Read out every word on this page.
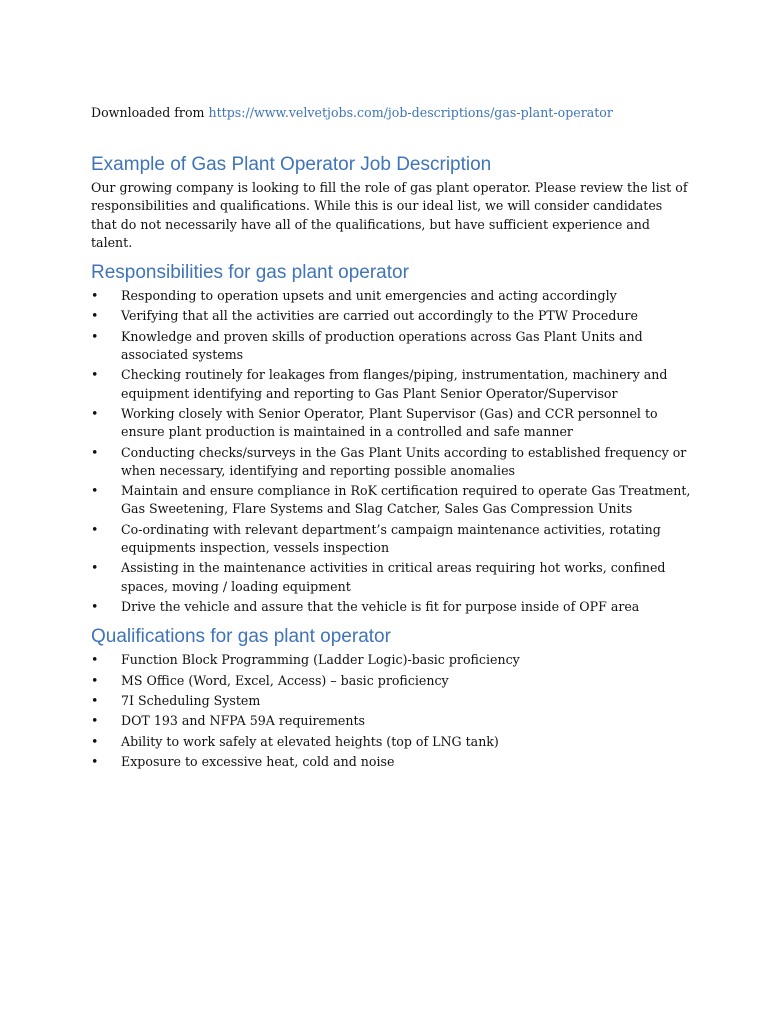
Downloaded from https://www.velvetjobs.com/job-descriptions/gas-plant-operator

Example of Gas Plant Operator Job Description

Our growing company is looking to fill the role of gas plant operator. Please review the list of responsibilities and qualifications. While this is our ideal list, we will consider candidates that do not necessarily have all of the qualifications, but have sufficient experience and talent.

Responsibilities for gas plant operator
• Responding to operation upsets and unit emergencies and acting accordingly
• Verifying that all the activities are carried out accordingly to the PTW Procedure
• Knowledge and proven skills of production operations across Gas Plant Units and associated systems
• Checking routinely for leakages from flanges/piping, instrumentation, machinery and equipment identifying and reporting to Gas Plant Senior Operator/Supervisor
• Working closely with Senior Operator, Plant Supervisor (Gas) and CCR personnel to ensure plant production is maintained in a controlled and safe manner
• Conducting checks/surveys in the Gas Plant Units according to established frequency or when necessary, identifying and reporting possible anomalies
• Maintain and ensure compliance in RoK certification required to operate Gas Treatment, Gas Sweetening, Flare Systems and Slag Catcher, Sales Gas Compression Units
• Co-ordinating with relevant department’s campaign maintenance activities, rotating equipments inspection, vessels inspection
• Assisting in the maintenance activities in critical areas requiring hot works, confined spaces, moving / loading equipment
• Drive the vehicle and assure that the vehicle is fit for purpose inside of OPF area
Qualifications for gas plant operator
• Function Block Programming (Ladder Logic)-basic proficiency
• MS Office (Word, Excel, Access) – basic proficiency
• 7I Scheduling System
• DOT 193 and NFPA 59A requirements
• Ability to work safely at elevated heights (top of LNG tank)
• Exposure to excessive heat, cold and noise
